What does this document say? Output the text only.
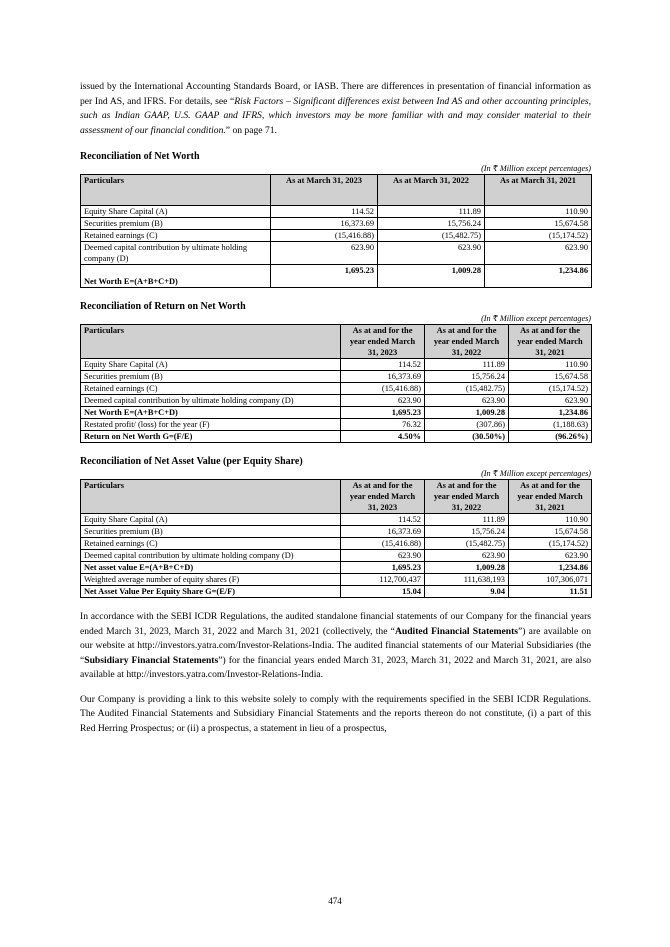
issued by the International Accounting Standards Board, or IASB. There are differences in presentation of financial information as per Ind AS, and IFRS. For details, see “Risk Factors – Significant differences exist between Ind AS and other accounting principles, such as Indian GAAP, U.S. GAAP and IFRS, which investors may be more familiar with and may consider material to their assessment of our financial condition.” on page 71.

Reconciliation of Net Worth
(In ₹ Million except percentages)
Particulars	As at March 31, 2023	As at March 31, 2022	As at March 31, 2021
Equity Share Capital (A)	114.52	111.89	110.90
Securities premium (B)	16,373.69	15,756.24	15,674.58
Retained earnings (C)	(15,416.88)	(15,482.75)	(15,174.52)
Deemed capital contribution by ultimate holding company (D)	623.90	623.90	623.90
Net Worth E=(A+B+C+D)	1,695.23	1,009.28	1,234.86
Reconciliation of Return on Net Worth
(In ₹ Million except percentages)
Particulars	As at and for the year ended March 31, 2023	As at and for the year ended March 31, 2022	As at and for the year ended March 31, 2021
Equity Share Capital (A)	114.52	111.89	110.90
Securities premium (B)	16,373.69	15,756.24	15,674.58
Retained earnings (C)	(15,416.88)	(15,482.75)	(15,174.52)
Deemed capital contribution by ultimate holding company (D)	623.90	623.90	623.90
Net Worth E=(A+B+C+D)	1,695.23	1,009.28	1,234.86
Restated profit/ (loss) for the year (F)	76.32	(307.86)	(1,188.63)
Return on Net Worth G=(F/E)	4.50%	(30.50%)	(96.26%)
Reconciliation of Net Asset Value (per Equity Share)
(In ₹ Million except percentages)
Particulars	As at and for the year ended March 31, 2023	As at and for the year ended March 31, 2022	As at and for the year ended March 31, 2021
Equity Share Capital (A)	114.52	111.89	110.90
Securities premium (B)	16,373.69	15,756.24	15,674.58
Retained earnings (C)	(15,416.88)	(15,482.75)	(15,174.52)
Deemed capital contribution by ultimate holding company (D)	623.90	623.90	623.90
Net asset value E=(A+B+C+D)	1,695.23	1,009.28	1,234.86
Weighted average number of equity shares (F)	112,700,437	111,638,193	107,306,071
Net Asset Value Per Equity Share G=(E/F)	15.04	9.04	11.51

In accordance with the SEBI ICDR Regulations, the audited standalone financial statements of our Company for the financial years ended March 31, 2023, March 31, 2022 and March 31, 2021 (collectively, the “Audited Financial Statements”) are available on our website at http://investors.yatra.com/Investor-Relations-India. The audited financial statements of our Material Subsidiaries (the “Subsidiary Financial Statements”) for the financial years ended March 31, 2023, March 31, 2022 and March 31, 2021, are also available at http://investors.yatra.com/Investor-Relations-India.

Our Company is providing a link to this website solely to comply with the requirements specified in the SEBI ICDR Regulations. The Audited Financial Statements and Subsidiary Financial Statements and the reports thereon do not constitute, (i) a part of this Red Herring Prospectus; or (ii) a prospectus, a statement in lieu of a prospectus,

474
